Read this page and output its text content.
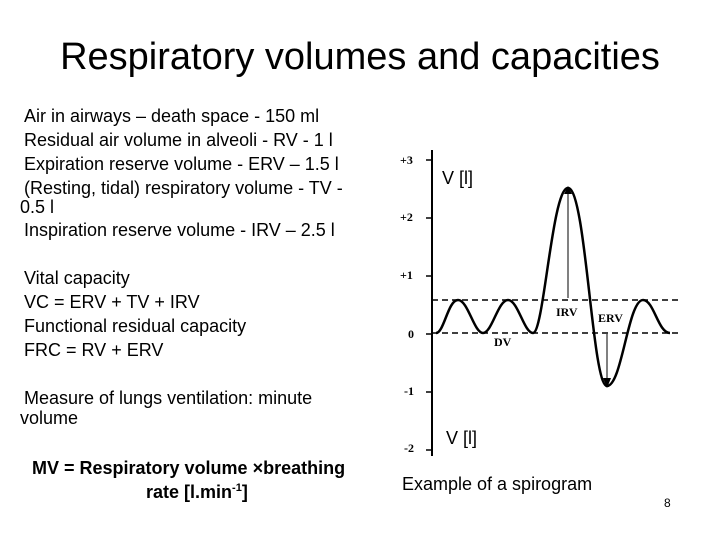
Respiratory volumes and capacities
Air in airways – death space - 150 ml
Residual air volume in alveoli - RV - 1 l
Expiration reserve volume - ERV – 1.5 l
(Resting, tidal) respiratory volume - TV -
0.5 l
Inspiration reserve volume - IRV – 2.5 l
Vital capacity
VC = ERV + TV + IRV
Functional residual capacity
FRC = RV + ERV
Measure of lungs ventilation: minute
volume
MV = Respiratory volume ×breathing
rate $[l.\min^{-1}]$
+3
+2
+1
0
-1
-2
IRV ERV
DV
V [l]
V [l]
Example of a spirogram
8
